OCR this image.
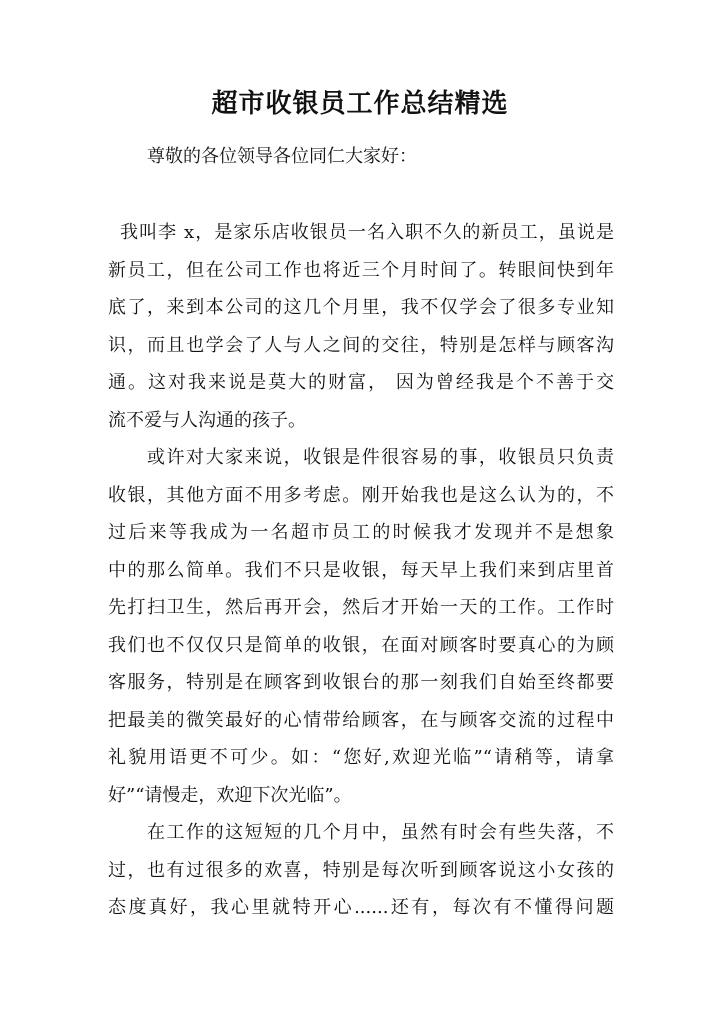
超市收银员工作总结精选

尊敬的各位领导各位同仁大家好：

我叫李 x，是家乐店收银员一名入职不久的新员工，虽说是
新员工，但在公司工作也将近三个月时间了。转眼间快到年
底了，来到本公司的这几个月里，我不仅学会了很多专业知
识，而且也学会了人与人之间的交往，特别是怎样与顾客沟
通。这对我来说是莫大的财富， 因为曾经我是个不善于交
流不爱与人沟通的孩子。
或许对大家来说，收银是件很容易的事，收银员只负责
收银，其他方面不用多考虑。刚开始我也是这么认为的，不
过后来等我成为一名超市员工的时候我才发现并不是想象
中的那么简单。我们不只是收银，每天早上我们来到店里首
先打扫卫生，然后再开会，然后才开始一天的工作。工作时
我们也不仅仅只是简单的收银，在面对顾客时要真心的为顾
客服务，特别是在顾客到收银台的那一刻我们自始至终都要
把最美的微笑最好的心情带给顾客，在与顾客交流的过程中
礼貌用语更不可少。如：“您好,欢迎光临”“请稍等，请拿
好”“请慢走，欢迎下次光临”。
在工作的这短短的几个月中，虽然有时会有些失落，不
过，也有过很多的欢喜，特别是每次听到顾客说这小女孩的
态度真好，我心里就特开心......还有，每次有不懂得问题
